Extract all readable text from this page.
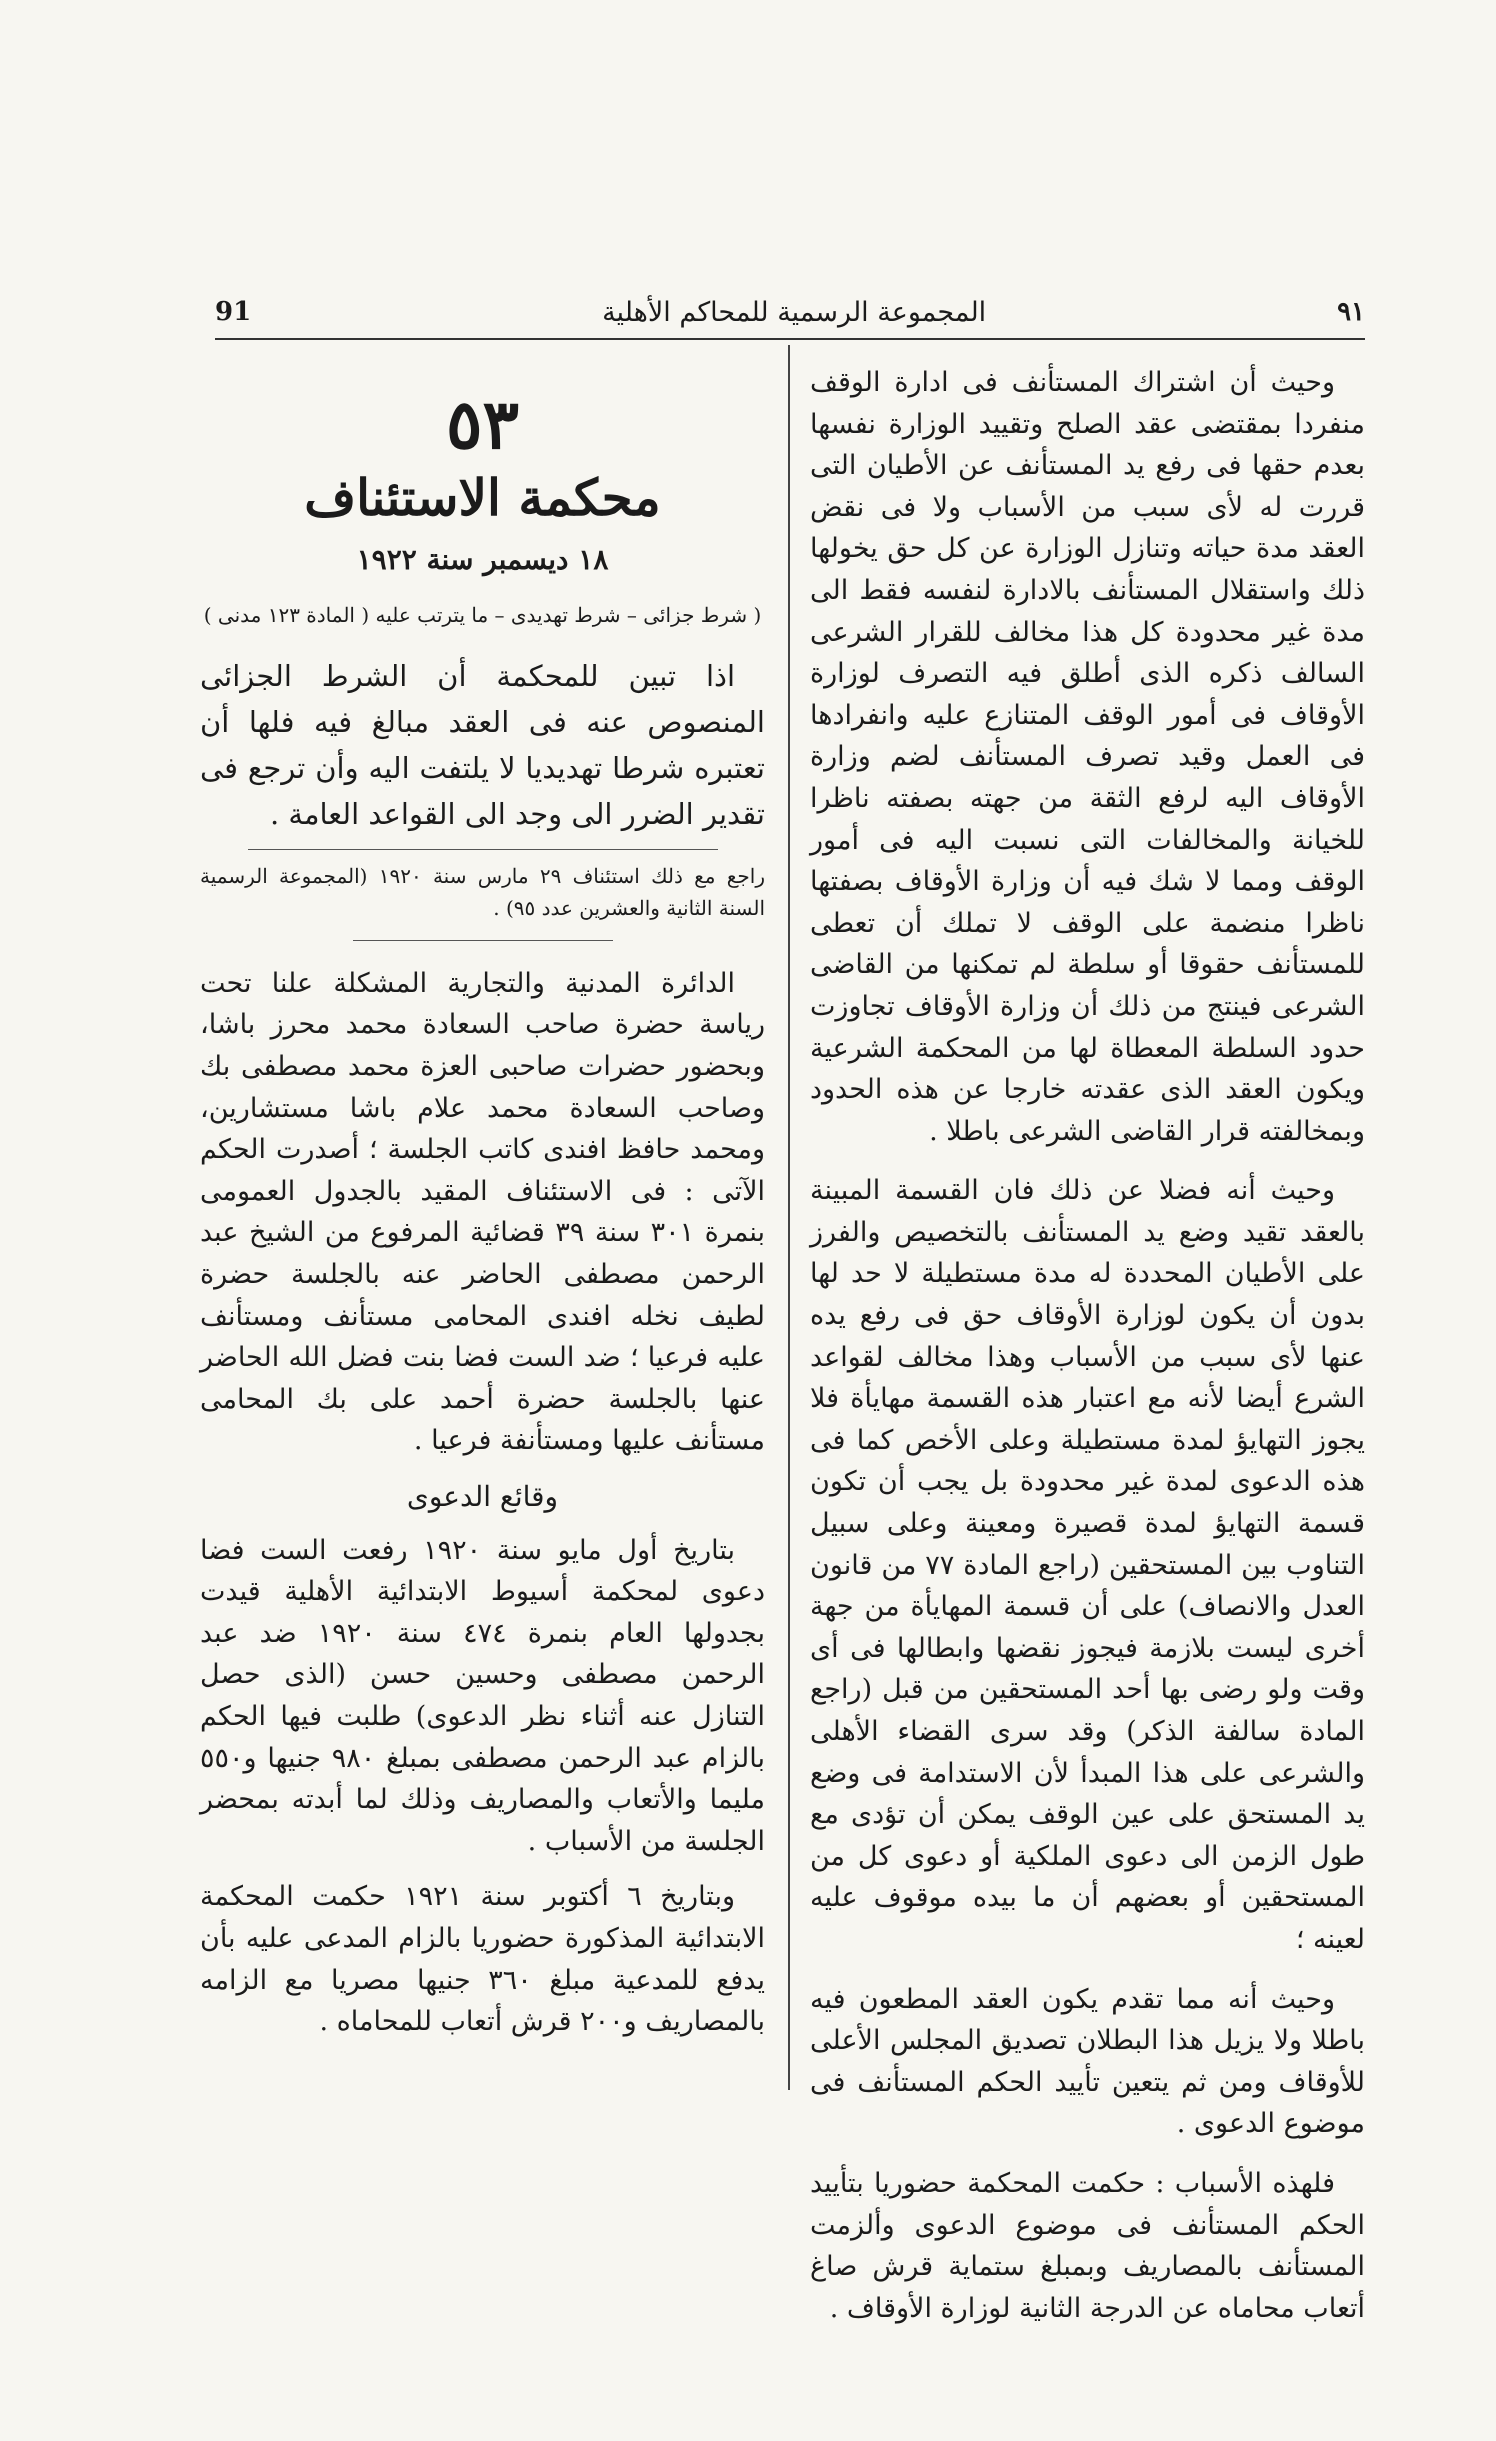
91	المجموعة الرسمية للمحاكم الأهلية	٩١

وحيث أن اشتراك المستأنف فى ادارة الوقف منفردا بمقتضى عقد الصلح وتقييد الوزارة نفسها بعدم حقها فى رفع يد المستأنف عن الأطيان التى قررت له لأى سبب من الأسباب ولا فى نقض العقد مدة حياته وتنازل الوزارة عن كل حق يخولها ذلك واستقلال المستأنف بالادارة لنفسه فقط الى مدة غير محدودة كل هذا مخالف للقرار الشرعى السالف ذكره الذى أطلق فيه التصرف لوزارة الأوقاف فى أمور الوقف المتنازع عليه وانفرادها فى العمل وقيد تصرف المستأنف لضم وزارة الأوقاف اليه لرفع الثقة من جهته بصفته ناظرا للخيانة والمخالفات التى نسبت اليه فى أمور الوقف ومما لا شك فيه أن وزارة الأوقاف بصفتها ناظرا منضمة على الوقف لا تملك أن تعطى للمستأنف حقوقا أو سلطة لم تمكنها من القاضى الشرعى فينتج من ذلك أن وزارة الأوقاف تجاوزت حدود السلطة المعطاة لها من المحكمة الشرعية ويكون العقد الذى عقدته خارجا عن هذه الحدود وبمخالفته قرار القاضى الشرعى باطلا .

وحيث أنه فضلا عن ذلك فان القسمة المبينة بالعقد تقيد وضع يد المستأنف بالتخصيص والفرز على الأطيان المحددة له مدة مستطيلة لا حد لها بدون أن يكون لوزارة الأوقاف حق فى رفع يده عنها لأى سبب من الأسباب وهذا مخالف لقواعد الشرع أيضا لأنه مع اعتبار هذه القسمة مهايأة فلا يجوز التهايؤ لمدة مستطيلة وعلى الأخص كما فى هذه الدعوى لمدة غير محدودة بل يجب أن تكون قسمة التهايؤ لمدة قصيرة ومعينة وعلى سبيل التناوب بين المستحقين (راجع المادة ٧٧ من قانون العدل والانصاف) على أن قسمة المهايأة من جهة أخرى ليست بلازمة فيجوز نقضها وابطالها فى أى وقت ولو رضى بها أحد المستحقين من قبل (راجع المادة سالفة الذكر) وقد سرى القضاء الأهلى والشرعى على هذا المبدأ لأن الاستدامة فى وضع يد المستحق على عين الوقف يمكن أن تؤدى مع طول الزمن الى دعوى الملكية أو دعوى كل من المستحقين أو بعضهم أن ما بيده موقوف عليه لعينه ؛

وحيث أنه مما تقدم يكون العقد المطعون فيه باطلا ولا يزيل هذا البطلان تصديق المجلس الأعلى للأوقاف ومن ثم يتعين تأييد الحكم المستأنف فى موضوع الدعوى .

فلهذه الأسباب : حكمت المحكمة حضوريا بتأييد الحكم المستأنف فى موضوع الدعوى وألزمت المستأنف بالمصاريف وبمبلغ ستماية قرش صاغ أتعاب محاماه عن الدرجة الثانية لوزارة الأوقاف .

٥٣
محكمة الاستئناف
١٨ ديسمبر سنة ١٩٢٢
( شرط جزائى – شرط تهديدى – ما يترتب عليه ( المادة ١٢٣ مدنى )

اذا تبين للمحكمة أن الشرط الجزائى المنصوص عنه فى العقد مبالغ فيه فلها أن تعتبره شرطا تهديديا لا يلتفت اليه وأن ترجع فى تقدير الضرر الى وجد الى القواعد العامة .

راجع مع ذلك استئناف ٢٩ مارس سنة ١٩٢٠ (المجموعة الرسمية السنة الثانية والعشرين عدد ٩٥) .

الدائرة المدنية والتجارية المشكلة علنا تحت رياسة حضرة صاحب السعادة محمد محرز باشا، وبحضور حضرات صاحبى العزة محمد مصطفى بك وصاحب السعادة محمد علام باشا مستشارين، ومحمد حافظ افندى كاتب الجلسة ؛ أصدرت الحكم الآتى : فى الاستئناف المقيد بالجدول العمومى بنمرة ٣٠١ سنة ٣٩ قضائية المرفوع من الشيخ عبد الرحمن مصطفى الحاضر عنه بالجلسة حضرة لطيف نخله افندى المحامى مستأنف ومستأنف عليه فرعيا ؛ ضد الست فضا بنت فضل الله الحاضر عنها بالجلسة حضرة أحمد على بك المحامى مستأنف عليها ومستأنفة فرعيا .

وقائع الدعوى

بتاريخ أول مايو سنة ١٩٢٠ رفعت الست فضا دعوى لمحكمة أسيوط الابتدائية الأهلية قيدت بجدولها العام بنمرة ٤٧٤ سنة ١٩٢٠ ضد عبد الرحمن مصطفى وحسين حسن (الذى حصل التنازل عنه أثناء نظر الدعوى) طلبت فيها الحكم بالزام عبد الرحمن مصطفى بمبلغ ٩٨٠ جنيها و٥٥٠ مليما والأتعاب والمصاريف وذلك لما أبدته بمحضر الجلسة من الأسباب .

وبتاريخ ٦ أكتوبر سنة ١٩٢١ حكمت المحكمة الابتدائية المذكورة حضوريا بالزام المدعى عليه بأن يدفع للمدعية مبلغ ٣٦٠ جنيها مصريا مع الزامه بالمصاريف و٢٠٠ قرش أتعاب للمحاماه .
